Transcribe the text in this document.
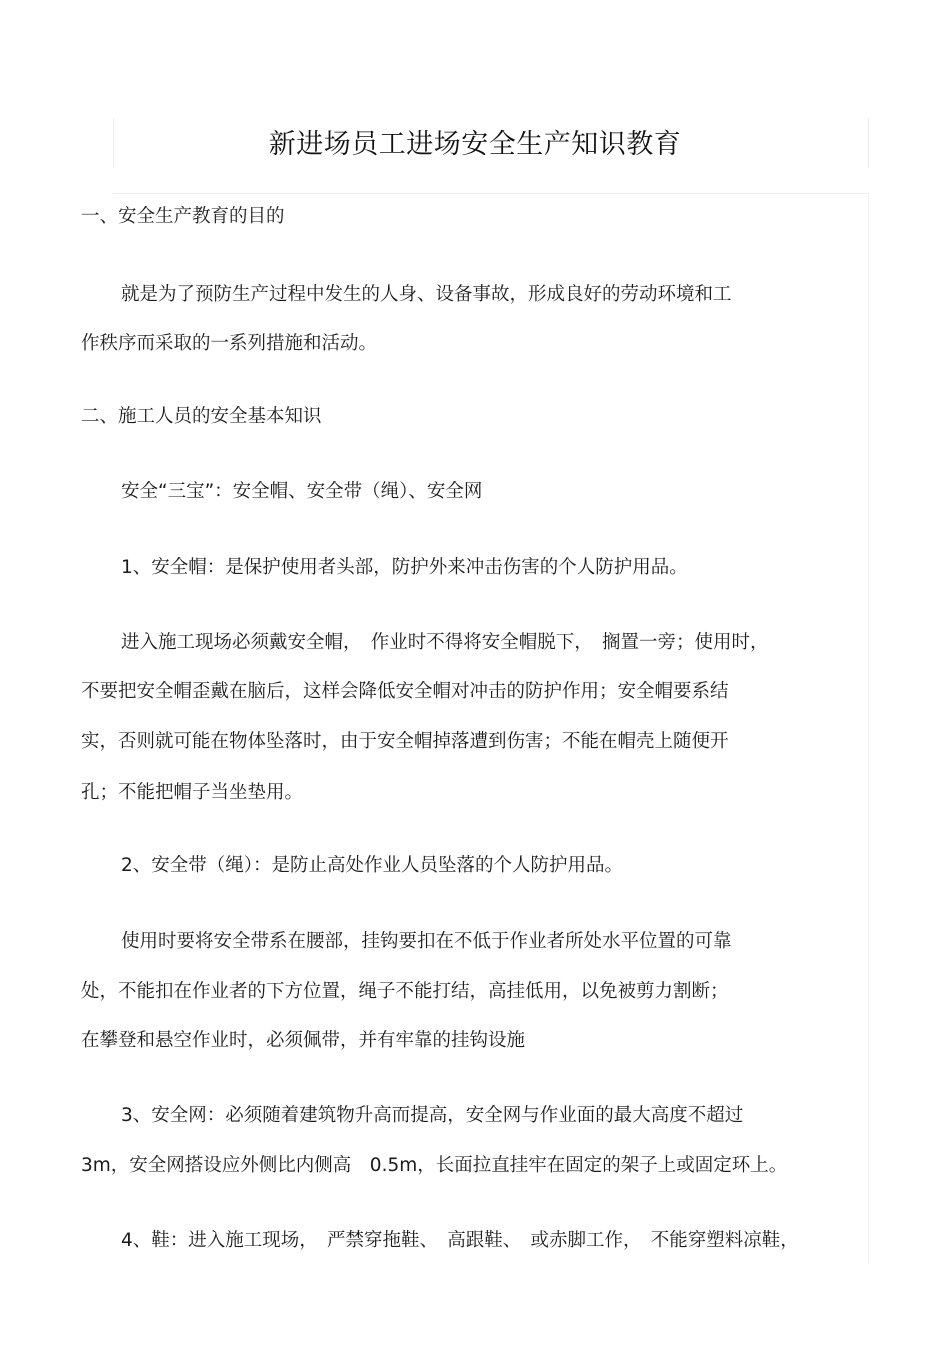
新进场员工进场安全生产知识教育

一、安全生产教育的目的

就是为了预防生产过程中发生的人身、设备事故，形成良好的劳动环境和工

作秩序而采取的一系列措施和活动。

二、施工人员的安全基本知识

安全“三宝”：安全帽、安全带（绳）、安全网

1、安全帽：是保护使用者头部，防护外来冲击伤害的个人防护用品。

进入施工现场必须戴安全帽，　作业时不得将安全帽脱下，　搁置一旁；使用时，

不要把安全帽歪戴在脑后，这样会降低安全帽对冲击的防护作用；安全帽要系结

实，否则就可能在物体坠落时，由于安全帽掉落遭到伤害；不能在帽壳上随便开

孔；不能把帽子当坐垫用。

2、安全带（绳）：是防止高处作业人员坠落的个人防护用品。

使用时要将安全带系在腰部，挂钩要扣在不低于作业者所处水平位置的可靠

处，不能扣在作业者的下方位置，绳子不能打结，高挂低用，以免被剪力割断；

在攀登和悬空作业时，必须佩带，并有牢靠的挂钩设施

3、安全网：必须随着建筑物升高而提高，安全网与作业面的最大高度不超过

3m，安全网搭设应外侧比内侧高　0.5m，长面拉直挂牢在固定的架子上或固定环上。

4、鞋：进入施工现场，　严禁穿拖鞋、　高跟鞋、　或赤脚工作，　不能穿塑料凉鞋，
